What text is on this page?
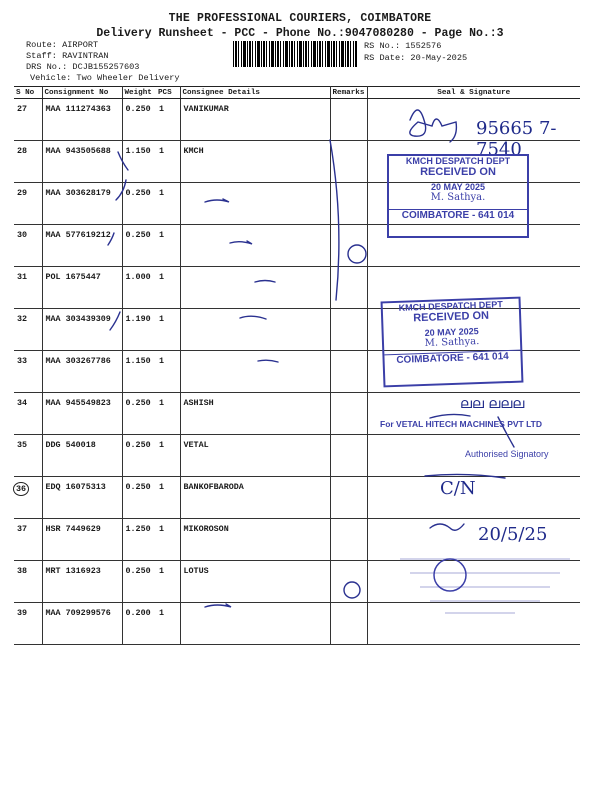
THE PROFESSIONAL COURIERS, COIMBATORE
Delivery Runsheet - PCC - Phone No.:9047080280 - Page No.:3
Route: AIRPORT
Staff: RAVINTRAN
DRS No.: DCJB155257603
Vehicle: Two Wheeler Delivery
RS No.: 1552576
RS Date: 20-May-2025
S No	Consignment No	Weight	PCS	Consignee Details	Remarks	Seal & Signature
27	MAA 111274363	0.250	1	VANIKUMAR		
28	MAA 943505688	1.150	1	KMCH		
29	MAA 303628179	0.250	1			
30	MAA 577619212	0.250	1			
31	POL 1675447	1.000	1			
32	MAA 303439309	1.190	1			
33	MAA 303267786	1.150	1			
34	MAA 945549823	0.250	1	ASHISH		
35	DDG 540018	0.250	1	VETAL		
36	EDQ 16075313	0.250	1	BANKOFBARODA		
37	HSR 7449629	1.250	1	MIKOROSON		
38	MRT 1316923	0.250	1	LOTUS		
39	MAA 709299576	0.200	1			
95665 7-7540
ലല ലലല
C/N
20/5/25
KMCH DESPATCH DEPT
RECEIVED ON
20 MAY 2025
M. Sathya.
COIMBATORE - 641 014
KMCH DESPATCH DEPT
RECEIVED ON
20 MAY 2025
M. Sathya.
COIMBATORE - 641 014
For VETAL HITECH MACHINES PVT LTD
Authorised Signatory
